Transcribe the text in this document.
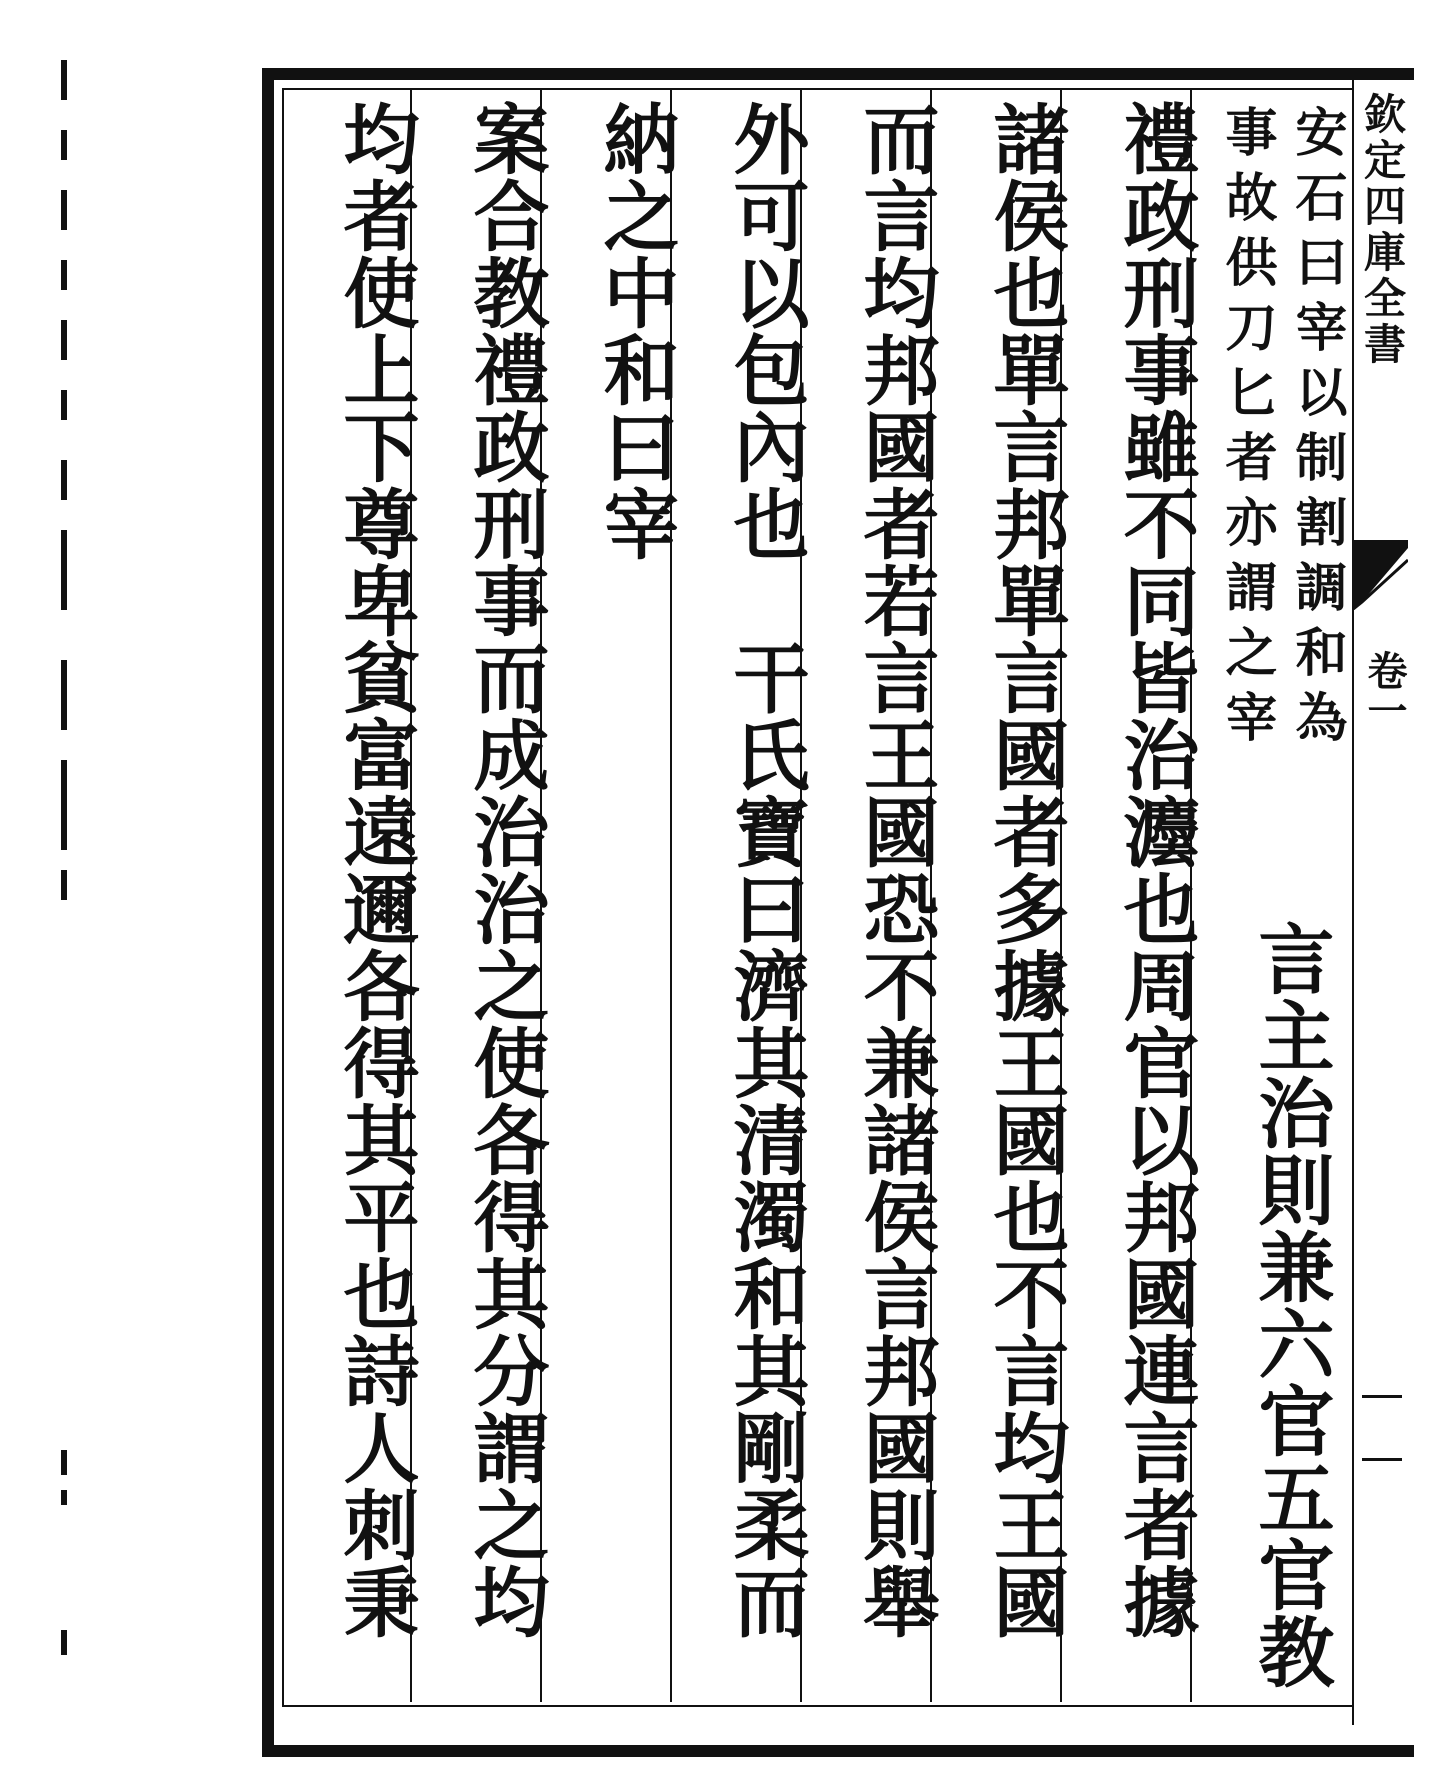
安石曰宰以制割調和為
事故供刀匕者亦謂之宰
言主治則兼六官五官教
禮政刑事雖不同皆治灋也周官以邦國連言者據
諸侯也單言邦單言國者多據王國也不言均王國
而言均邦國者若言王國恐不兼諸侯言邦國則舉
外可以包內也　干氏寶曰濟其清濁和其剛柔而
納之中和曰宰
案合教禮政刑事而成治治之使各得其分謂之均
均者使上下尊卑貧富遠邇各得其平也詩人刺秉	欽定四庫全書
卷一
